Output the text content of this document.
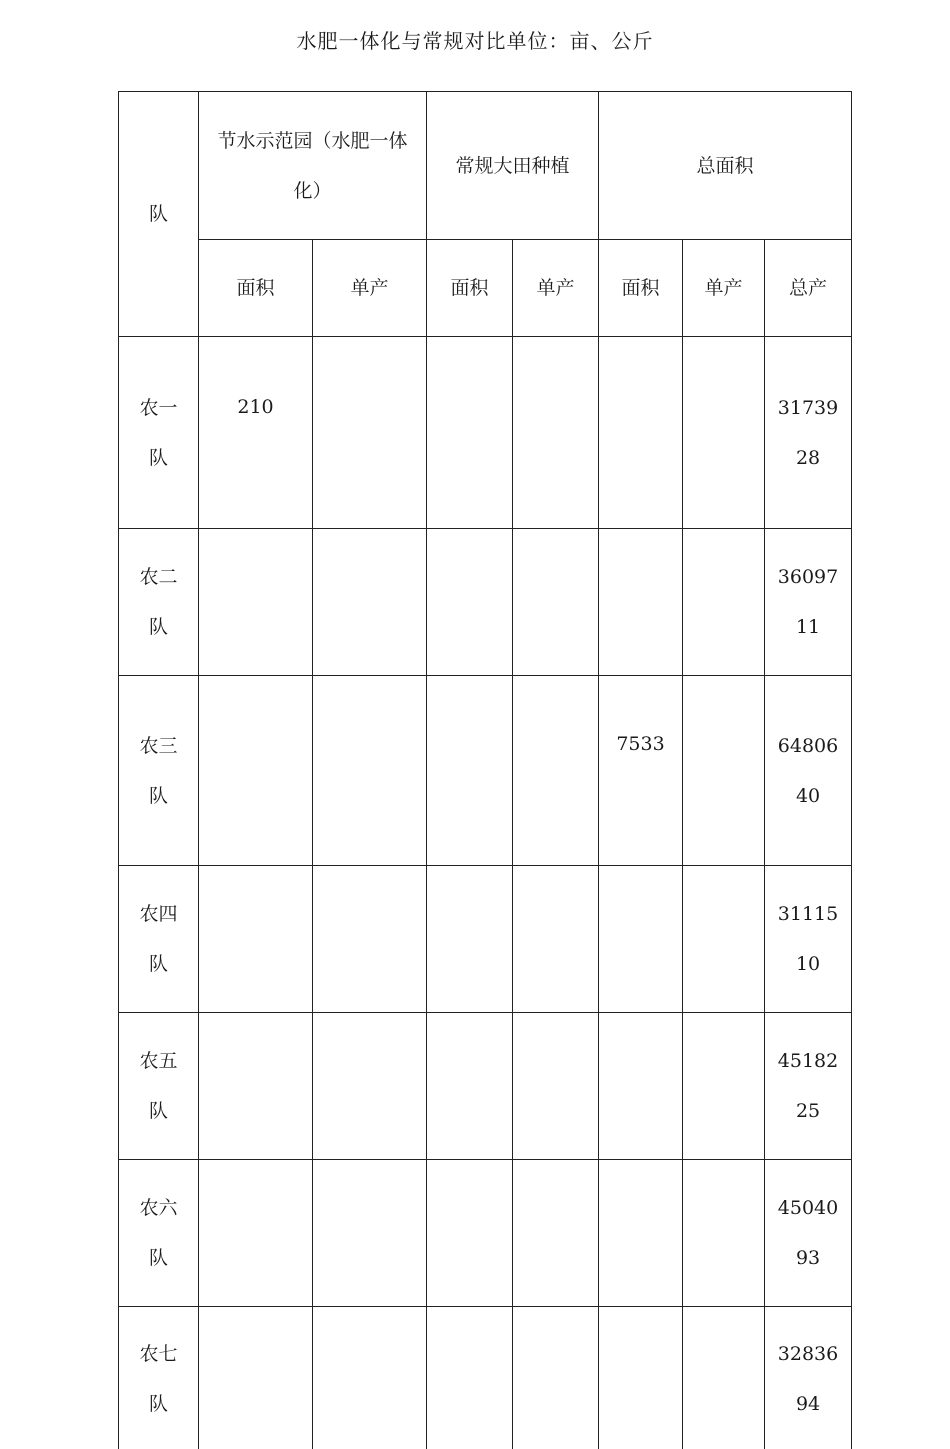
水肥一体化与常规对比单位：亩、公斤
队	节水示范园（水肥一体化）		常规大田种植		总面积		
	面积	单产	面积	单产	面积	单产	总产
农一队	210						3173928
农二队							3609711
农三队					7533		6480640
农四队							3111510
农五队							4518225
农六队							4504093
农七队							3283694
